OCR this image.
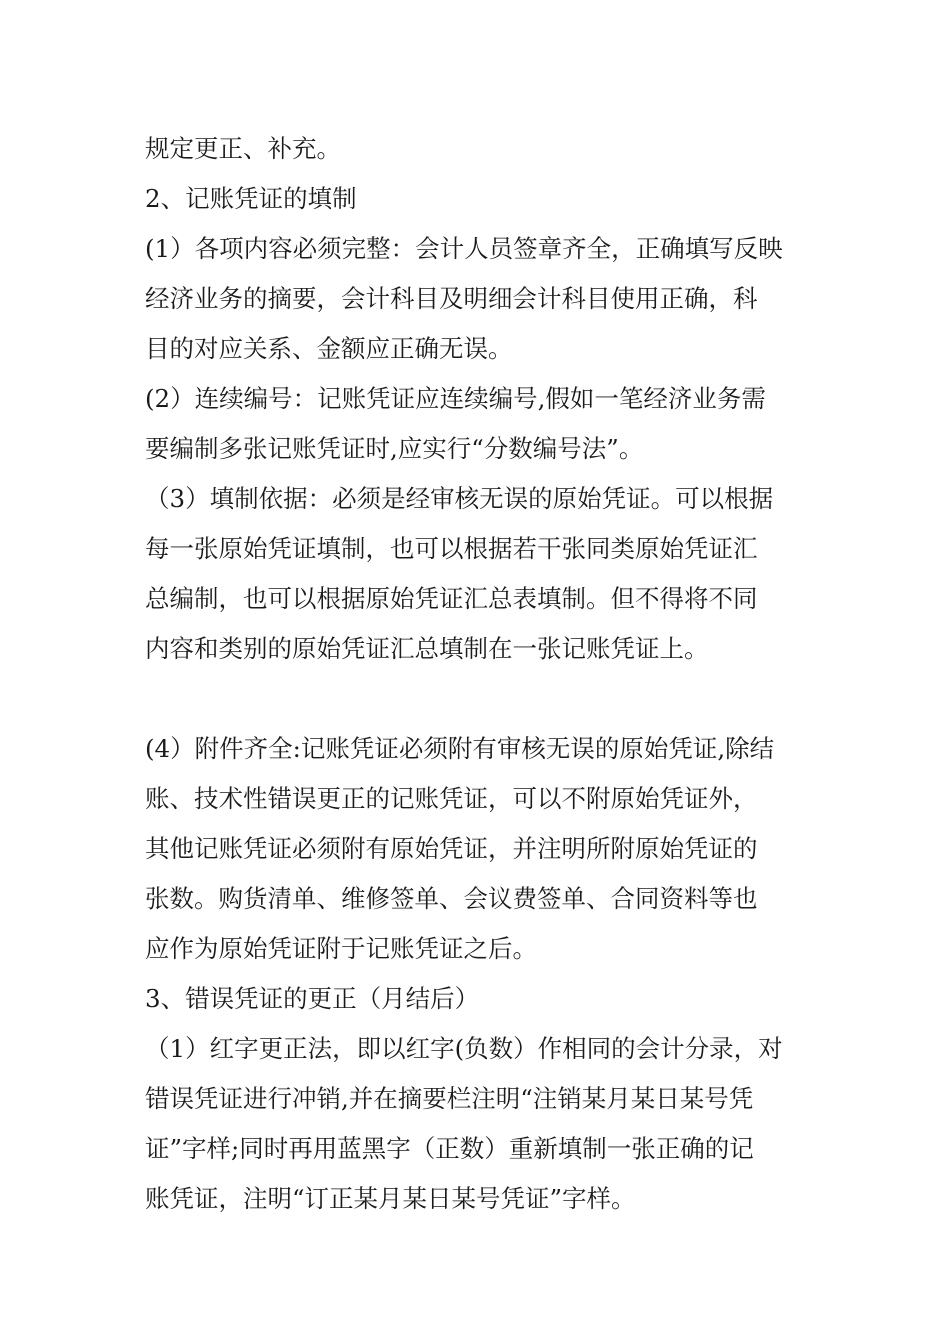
规定更正、补充。
2、记账凭证的填制
(1）各项内容必须完整：会计人员签章齐全，正确填写反映
经济业务的摘要，会计科目及明细会计科目使用正确，科
目的对应关系、金额应正确无误。
(2）连续编号：记账凭证应连续编号,假如一笔经济业务需
要编制多张记账凭证时,应实行“分数编号法”。
（3）填制依据：必须是经审核无误的原始凭证。可以根据
每一张原始凭证填制，也可以根据若干张同类原始凭证汇
总编制，也可以根据原始凭证汇总表填制。但不得将不同
内容和类别的原始凭证汇总填制在一张记账凭证上。
(4）附件齐全:记账凭证必须附有审核无误的原始凭证,除结
账、技术性错误更正的记账凭证，可以不附原始凭证外，
其他记账凭证必须附有原始凭证，并注明所附原始凭证的
张数。购货清单、维修签单、会议费签单、合同资料等也
应作为原始凭证附于记账凭证之后。
3、错误凭证的更正（月结后）
（1）红字更正法，即以红字(负数）作相同的会计分录，对
错误凭证进行冲销,并在摘要栏注明“注销某月某日某号凭
证”字样;同时再用蓝黑字（正数）重新填制一张正确的记
账凭证，注明“订正某月某日某号凭证”字样。
